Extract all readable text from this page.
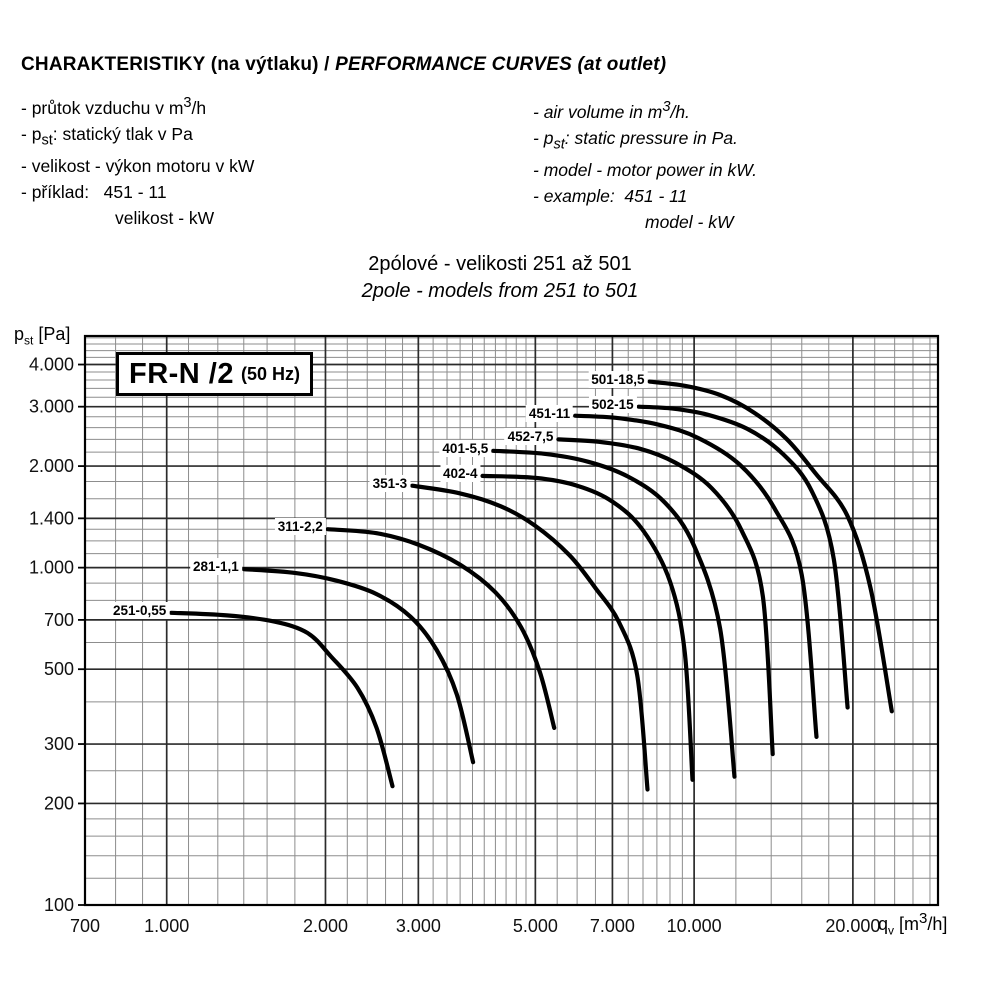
700 1.000	2.000	3.000	5.000 7.000 10.000	20.000
100
200
300
500
700
1.000
1.400
2.000
3.000
4.000
CHARAKTERISTIKY (na výtlaku) / PERFORMANCE CURVES (at outlet)
- průtok vzduchu v $m^3/h$
- $p_{st}$: statický tlak v Pa
- velikost - výkon motoru v kW
- příklad:   451 - 11
velikost - kW
- air volume in $m^3/h$.
- $p_{st}$: static pressure in Pa.
- model - motor power in kW.
- example:  451 - 11
model - kW
2pólové - velikosti 251 až 501
2pole - models from 251 to 501
$p_{st}$ [Pa]
$q_v$ $[m^3/h]$
FR-N /2 (50 Hz)
251-0,55
281-1,1
311-2,2
351-3
402-4
401-5,5
452-7,5
451-11
502-15
501-18,5
